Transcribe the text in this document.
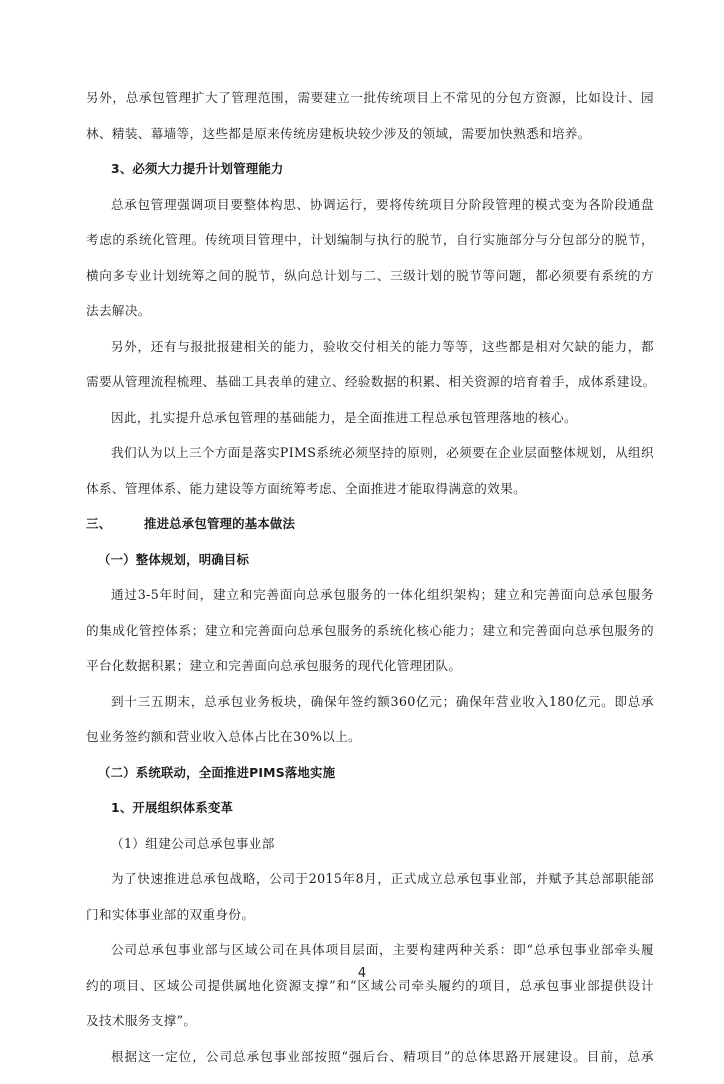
另外，总承包管理扩大了管理范围，需要建立一批传统项目上不常见的分包方资源，比如设计、园
林、精装、幕墙等，这些都是原来传统房建板块较少涉及的领域，需要加快熟悉和培养。
3、必须大力提升计划管理能力
总承包管理强调项目要整体构思、协调运行，要将传统项目分阶段管理的模式变为各阶段通盘
考虑的系统化管理。传统项目管理中，计划编制与执行的脱节，自行实施部分与分包部分的脱节，
横向多专业计划统筹之间的脱节，纵向总计划与二、三级计划的脱节等问题，都必须要有系统的方
法去解决。
另外，还有与报批报建相关的能力，验收交付相关的能力等等，这些都是相对欠缺的能力，都
需要从管理流程梳理、基础工具表单的建立、经验数据的积累、相关资源的培育着手，成体系建设。
因此，扎实提升总承包管理的基础能力，是全面推进工程总承包管理落地的核心。
我们认为以上三个方面是落实PIMS系统必须坚持的原则，必须要在企业层面整体规划，从组织
体系、管理体系、能力建设等方面统筹考虑、全面推进才能取得满意的效果。
三、	推进总承包管理的基本做法
（一）整体规划，明确目标
通过3-5年时间，建立和完善面向总承包服务的一体化组织架构；建立和完善面向总承包服务
的集成化管控体系；建立和完善面向总承包服务的系统化核心能力；建立和完善面向总承包服务的
平台化数据积累；建立和完善面向总承包服务的现代化管理团队。
到十三五期末，总承包业务板块，确保年签约额360亿元；确保年营业收入180亿元。即总承
包业务签约额和营业收入总体占比在30%以上。
（二）系统联动，全面推进PIMS落地实施
1、开展组织体系变革
（1）组建公司总承包事业部
为了快速推进总承包战略，公司于2015年8月，正式成立总承包事业部，并赋予其总部职能部
门和实体事业部的双重身份。
公司总承包事业部与区域公司在具体项目层面，主要构建两种关系：即“总承包事业部牵头履
约的项目、区域公司提供属地化资源支撑”和“区域公司牵头履约的项目，总承包事业部提供设计
及技术服务支撑”。
根据这一定位，公司总承包事业部按照“强后台、精项目”的总体思路开展建设。目前，总承
4
